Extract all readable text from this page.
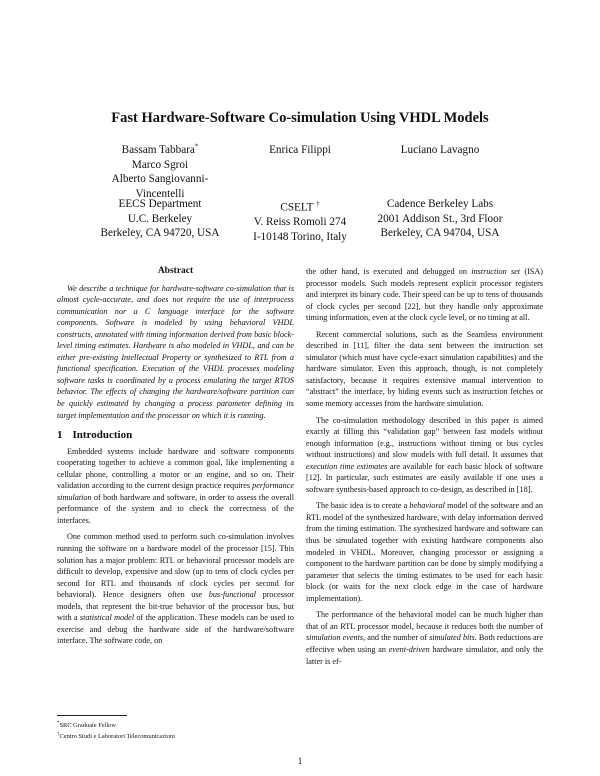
Fast Hardware-Software Co-simulation Using VHDL Models
Bassam Tabbara*
Marco Sgroi
Alberto Sangiovanni-Vincentelli
Enrica Filippi	Luciano Lavagno
EECS Department
U.C. Berkeley
Berkeley, CA 94720, USA
CSELT †
V. Reiss Romoli 274
I-10148 Torino, Italy
Cadence Berkeley Labs
2001 Addison St., 3rd Floor
Berkeley, CA 94704, USA
Abstract

We describe a technique for hardware-software co-simulation that is almost cycle-accurate, and does not require the use of interprocess communication nor a C language interface for the software components. Software is modeled by using behavioral VHDL constructs, annotated with timing information derived from basic block-level timing estimates. Hardware is also modeled in VHDL, and can be either pre-existing Intellectual Property or synthesized to RTL from a functional specification. Execution of the VHDL processes modeling software tasks is coordinated by a process emulating the target RTOS behavior. The effects of changing the hardware/software partition can be quickly estimated by changing a process parameter defining its target implementation and the processor on which it is running.

1 Introduction

Embedded systems include hardware and software components cooperating together to achieve a common goal, like implementing a cellular phone, controlling a motor or an engine, and so on. Their validation according to the current design practice requires performance simulation of both hardware and software, in order to assess the overall performance of the system and to check the correctness of the interfaces.

One common method used to perform such co-simulation involves running the software on a hardware model of the processor [15]. This solution has a major problem: RTL or behavioral processor models are difficult to develop, expensive and slow (up to tens of clock cycles per second for RTL and thousands of clock cycles per second for behavioral). Hence designers often use bus-functional processor models, that represent the bit-true behavior of the processor bus, but with a statistical model of the application. These models can be used to exercise and debug the hardware side of the hardware/software interface. The software code, on

the other hand, is executed and debugged on instruction set (ISA) processor models. Such models represent explicit processor registers and interpret its binary code. Their speed can be up to tens of thousands of clock cycles per second [22], but they handle only approximate timing information, even at the clock cycle level, or no timing at all.

Recent commercial solutions, such as the Seamless environment described in [11], filter the data sent between the instruction set simulator (which must have cycle-exact simulation capabilities) and the hardware simulator. Even this approach, though, is not completely satisfactory, because it requires extensive manual intervention to “abstract” the interface, by hiding events such as instruction fetches or some memory accesses from the hardware simulation.

The co-simulation methodology described in this paper is aimed exactly at filling this “validation gap” between fast models without enough information (e.g., instructions without timing or bus cycles without instructions) and slow models with full detail. It assumes that execution time estimates are available for each basic block of software [12]. In particular, such estimates are easily available if one uses a software synthesis-based approach to co-design, as described in [18].

The basic idea is to create a behavioral model of the software and an RTL model of the synthesized hardware, with delay information derived from the timing estimation. The synthesized hardware and software can thus be simulated together with existing hardware components also modeled in VHDL. Moreover, changing processor or assigning a component to the hardware partition can be done by simply modifying a parameter that selects the timing estimates to be used for each basic block (or waits for the next clock edge in the case of hardware implementation).

The performance of the behavioral model can be much higher than that of an RTL processor model, because it reduces both the number of simulation events, and the number of simulated bits. Both reductions are effective when using an event-driven hardware simulator, and only the latter is ef-

*SRC Graduate Fellow
†Centro Studi e Laboratori Telecomunicazioni
1
